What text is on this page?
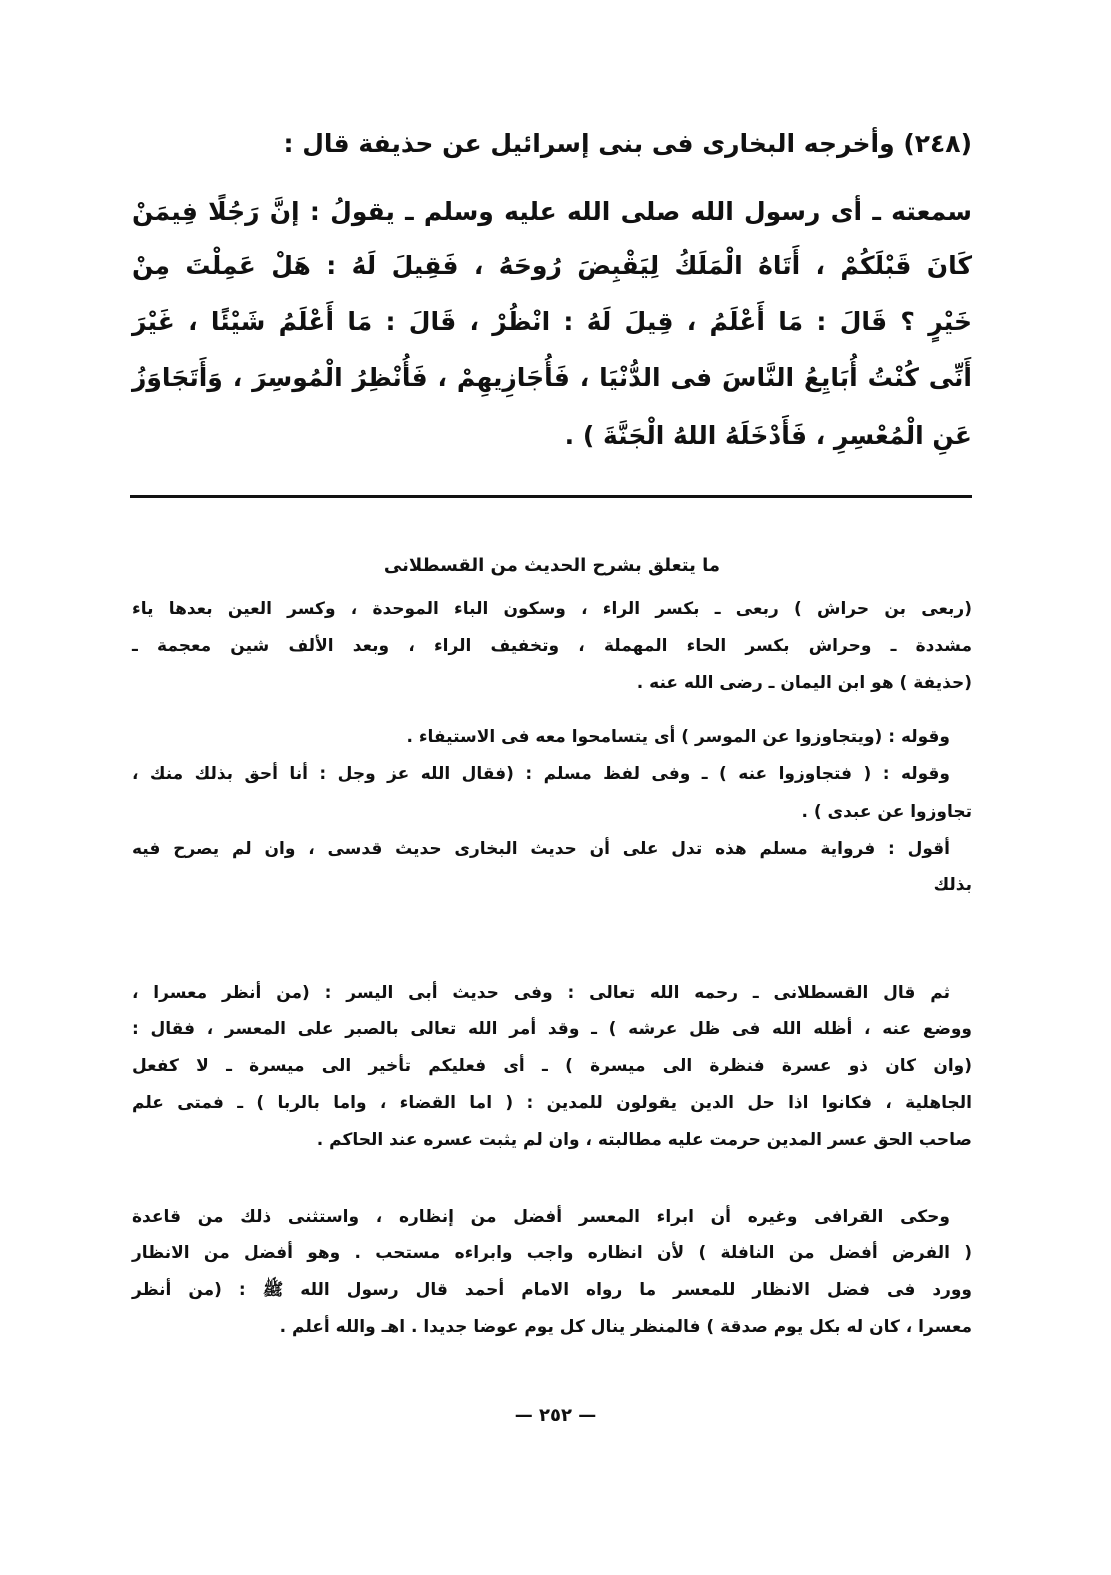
(٢٤٨) وأخرجه البخارى فى بنى إسرائيل عن حذيفة قال :
سمعته ـ أى رسول الله صلى الله عليه وسلم ـ يقولُ : إنَّ رَجُلًا فِيمَنْ
كَانَ قَبْلَكُمْ ، أَتَاهُ الْمَلَكُ لِيَقْبِضَ رُوحَهُ ، فَقِيلَ لَهُ : هَلْ عَمِلْتَ مِنْ
خَيْرٍ ؟ قَالَ : مَا أَعْلَمُ ، قِيلَ لَهُ : انْظُرْ ، قَالَ : مَا أَعْلَمُ شَيْئًا ، غَيْرَ
أَنِّى كُنْتُ أُبَايِعُ النَّاسَ فى الدُّنْيَا ، فَأُجَازِيهِمْ ، فَأُنْظِرُ الْمُوسِرَ ، وَأَتَجَاوَزُ
عَنِ الْمُعْسِرِ ، فَأَدْخَلَهُ اللهُ الْجَنَّةَ ) .
ما يتعلق بشرح الحديث من القسطلانى
(ربعى بن حراش ) ربعى ـ بكسر الراء ، وسكون الباء الموحدة ، وكسر العين بعدها ياء
مشددة ـ وحراش بكسر الحاء المهملة ، وتخفيف الراء ، وبعد الألف شين معجمة ـ
(حذيفة ) هو ابن اليمان ـ رضى الله عنه .
وقوله : (ويتجاوزوا عن الموسر ) أى يتسامحوا معه فى الاستيفاء .
وقوله : ( فتجاوزوا عنه ) ـ وفى لفظ مسلم : (فقال الله عز وجل : أنا أحق بذلك منك ،
تجاوزوا عن عبدى ) .
أقول : فرواية مسلم هذه تدل على أن حديث البخارى حديث قدسى ، وان لم يصرح فيه
بذلك
ثم قال القسطلانى ـ رحمه الله تعالى : وفى حديث أبى اليسر : (من أنظر معسرا ،
ووضع عنه ، أظله الله فى ظل عرشه ) ـ وقد أمر الله تعالى بالصبر على المعسر ، فقال :
(وان كان ذو عسرة فنظرة الى ميسرة ) ـ أى فعليكم تأخير الى ميسرة ـ لا كفعل
الجاهلية ، فكانوا اذا حل الدين يقولون للمدين : ( اما القضاء ، واما بالربا ) ـ فمتى علم
صاحب الحق عسر المدين حرمت عليه مطالبته ، وان لم يثبت عسره عند الحاكم .
وحكى القرافى وغيره أن ابراء المعسر أفضل من إنظاره ، واستثنى ذلك من قاعدة
( الفرض أفضل من النافلة ) لأن انظاره واجب وابراءه مستحب . وهو أفضل من الانظار
وورد فى فضل الانظار للمعسر ما رواه الامام أحمد قال رسول الله ﷺ : (من أنظر
معسرا ، كان له بكل يوم صدقة ) فالمنظر ينال كل يوم عوضا جديدا . اهـ والله أعلم .
— ٢٥٢ —
